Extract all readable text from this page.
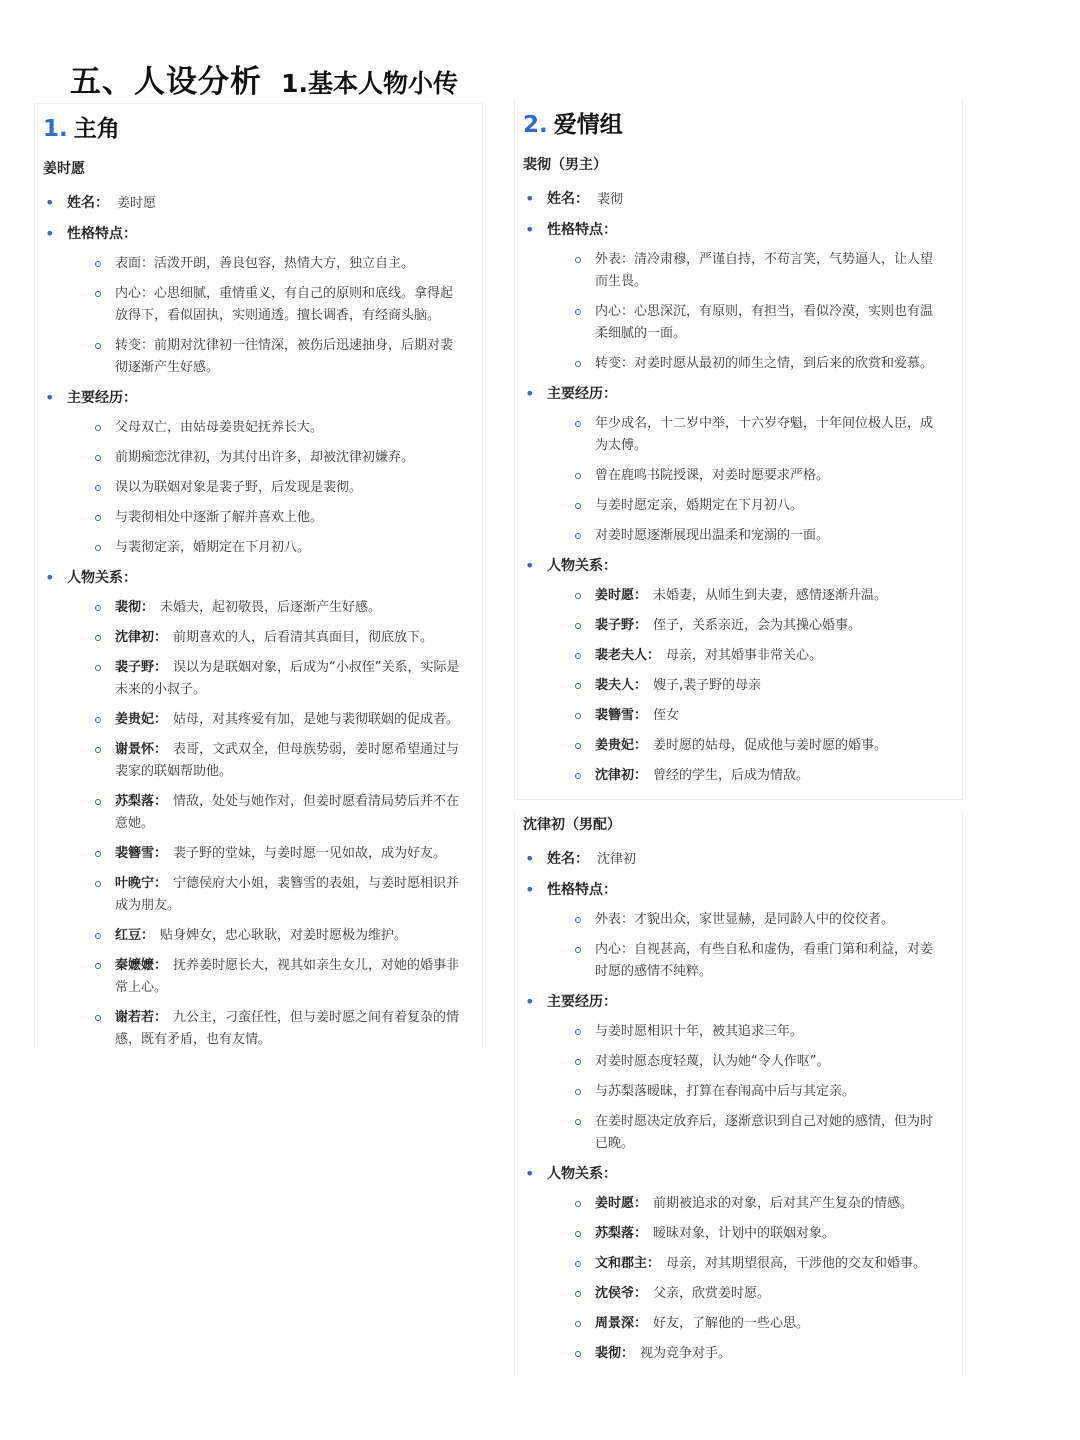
五、人设分析 1.基本人物小传
1. 主角
姜时愿
• 姓名： 姜时愿
• 性格特点：
表面：活泼开朗，善良包容，热情大方，独立自主。
内心：心思细腻，重情重义，有自己的原则和底线。拿得起放得下，看似固执，实则通透。擅长调香，有经商头脑。
转变：前期对沈律初一往情深，被伤后迅速抽身，后期对裴彻逐渐产生好感。
• 主要经历：
父母双亡，由姑母姜贵妃抚养长大。
前期痴恋沈律初，为其付出许多，却被沈律初嫌弃。
误以为联姻对象是裴子野，后发现是裴彻。
与裴彻相处中逐渐了解并喜欢上他。
与裴彻定亲，婚期定在下月初八。
• 人物关系：
裴彻： 未婚夫，起初敬畏，后逐渐产生好感。
沈律初： 前期喜欢的人，后看清其真面目，彻底放下。
裴子野： 误以为是联姻对象，后成为“小叔侄”关系，实际是未来的小叔子。
姜贵妃： 姑母，对其疼爱有加，是她与裴彻联姻的促成者。
谢景怀： 表哥，文武双全，但母族势弱，姜时愿希望通过与裴家的联姻帮助他。
苏梨落： 情敌，处处与她作对，但姜时愿看清局势后并不在意她。
裴簪雪： 裴子野的堂妹，与姜时愿一见如故，成为好友。
叶晚宁： 宁德侯府大小姐，裴簪雪的表姐，与姜时愿相识并成为朋友。
红豆： 贴身婢女，忠心耿耿，对姜时愿极为维护。
秦嬷嬷： 抚养姜时愿长大，视其如亲生女儿，对她的婚事非常上心。
谢若若： 九公主，刁蛮任性，但与姜时愿之间有着复杂的情感，既有矛盾，也有友情。
2. 爱情组
裴彻（男主）
• 姓名： 裴彻
• 性格特点：
外表：清冷肃穆，严谨自持，不苟言笑，气势逼人，让人望而生畏。
内心：心思深沉，有原则，有担当，看似冷漠，实则也有温柔细腻的一面。
转变：对姜时愿从最初的师生之情，到后来的欣赏和爱慕。
• 主要经历：
年少成名，十二岁中举，十六岁夺魁，十年间位极人臣，成为太傅。
曾在鹿鸣书院授课，对姜时愿要求严格。
与姜时愿定亲，婚期定在下月初八。
对姜时愿逐渐展现出温柔和宠溺的一面。
• 人物关系：
姜时愿： 未婚妻，从师生到夫妻，感情逐渐升温。
裴子野： 侄子，关系亲近，会为其操心婚事。
裴老夫人： 母亲，对其婚事非常关心。
裴夫人： 嫂子,裴子野的母亲
裴簪雪： 侄女
姜贵妃： 姜时愿的姑母，促成他与姜时愿的婚事。
沈律初： 曾经的学生，后成为情敌。
沈律初（男配）
• 姓名： 沈律初
• 性格特点：
外表：才貌出众，家世显赫，是同龄人中的佼佼者。
内心：自视甚高，有些自私和虚伪，看重门第和利益，对姜时愿的感情不纯粹。
• 主要经历：
与姜时愿相识十年，被其追求三年。
对姜时愿态度轻蔑，认为她“令人作呕”。
与苏梨落暧昧，打算在春闱高中后与其定亲。
在姜时愿决定放弃后，逐渐意识到自己对她的感情，但为时已晚。
• 人物关系：
姜时愿： 前期被追求的对象，后对其产生复杂的情感。
苏梨落： 暧昧对象，计划中的联姻对象。
文和郡主： 母亲，对其期望很高，干涉他的交友和婚事。
沈侯爷： 父亲，欣赏姜时愿。
周景深： 好友，了解他的一些心思。
裴彻： 视为竞争对手。
